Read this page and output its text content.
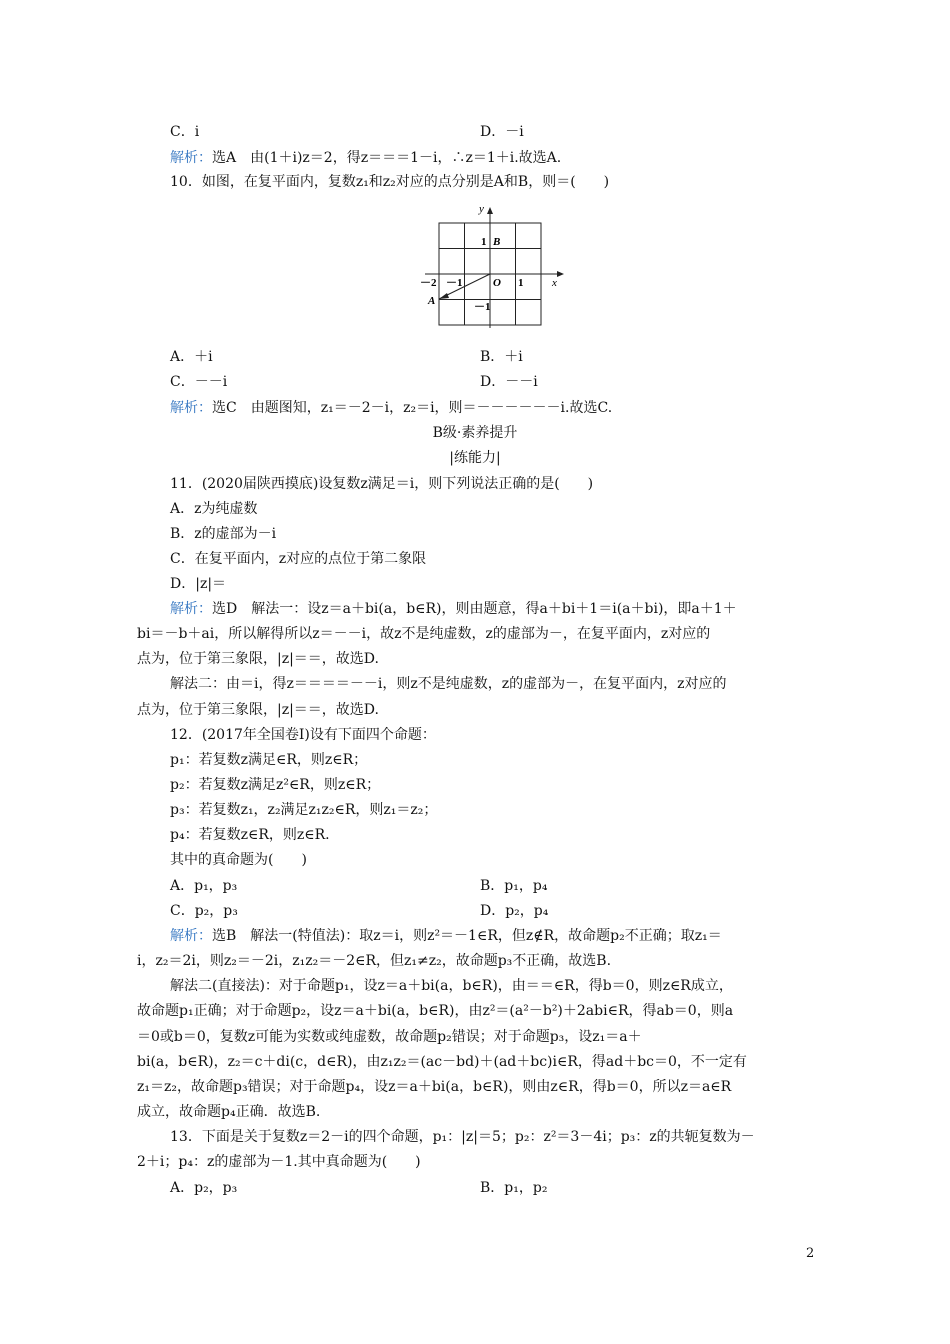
C．i	D．－i
解析：选A　由(1＋i)z＝2，得z＝＝＝1－i，∴z＝1＋i.故选A.
10．如图，在复平面内，复数z₁和z₂对应的点分别是A和B，则＝(　　)
y
x
1 B
－2 －1	O 1
A	－1
A．＋i	B．＋i
C．－－i	D．－－i
解析：选C　由题图知，z₁＝－2－i，z₂＝i，则＝－－－－－－i.故选C.
B级·素养提升
|练能力|
11．(2020届陕西摸底)设复数z满足＝i，则下列说法正确的是(　　)
A．z为纯虚数
B．z的虚部为－i
C．在复平面内，z对应的点位于第二象限
D．|z|＝
解析：选D　解法一：设z＝a＋bi(a，b∈R)，则由题意，得a＋bi＋1＝i(a＋bi)，即a＋1＋
bi＝－b＋ai，所以解得所以z＝－－i，故z不是纯虚数，z的虚部为－，在复平面内，z对应的
点为，位于第三象限，|z|＝＝，故选D.
解法二：由＝i，得z＝＝＝＝－－i，则z不是纯虚数，z的虚部为－，在复平面内，z对应的
点为，位于第三象限，|z|＝＝，故选D.
12．(2017年全国卷Ⅰ)设有下面四个命题：
p₁：若复数z满足∈R，则z∈R；
p₂：若复数z满足z²∈R，则z∈R；
p₃：若复数z₁，z₂满足z₁z₂∈R，则z₁＝z₂；
p₄：若复数z∈R，则z∈R.
其中的真命题为(　　)
A．p₁，p₃	B．p₁，p₄
C．p₂，p₃	D．p₂，p₄
解析：选B　解法一(特值法)：取z＝i，则z²＝－1∈R，但z∉R，故命题p₂不正确；取z₁＝
i，z₂＝2i，则z₂＝－2i，z₁z₂＝－2∈R，但z₁≠z₂，故命题p₃不正确，故选B.
解法二(直接法)：对于命题p₁，设z＝a＋bi(a，b∈R)，由＝＝∈R，得b＝0，则z∈R成立，
故命题p₁正确；对于命题p₂，设z＝a＋bi(a，b∈R)，由z²＝(a²－b²)＋2abi∈R，得ab＝0，则a
＝0或b＝0，复数z可能为实数或纯虚数，故命题p₂错误；对于命题p₃，设z₁＝a＋
bi(a，b∈R)，z₂＝c＋di(c，d∈R)，由z₁z₂＝(ac－bd)＋(ad＋bc)i∈R，得ad＋bc＝0，不一定有
z₁＝z₂，故命题p₃错误；对于命题p₄，设z＝a＋bi(a，b∈R)，则由z∈R，得b＝0，所以z＝a∈R
成立，故命题p₄正确．故选B.
13．下面是关于复数z＝2－i的四个命题，p₁：|z|＝5；p₂：z²＝3－4i；p₃：z的共轭复数为－
2＋i；p₄：z的虚部为－1.其中真命题为(　　)
A．p₂，p₃	B．p₁，p₂
2
